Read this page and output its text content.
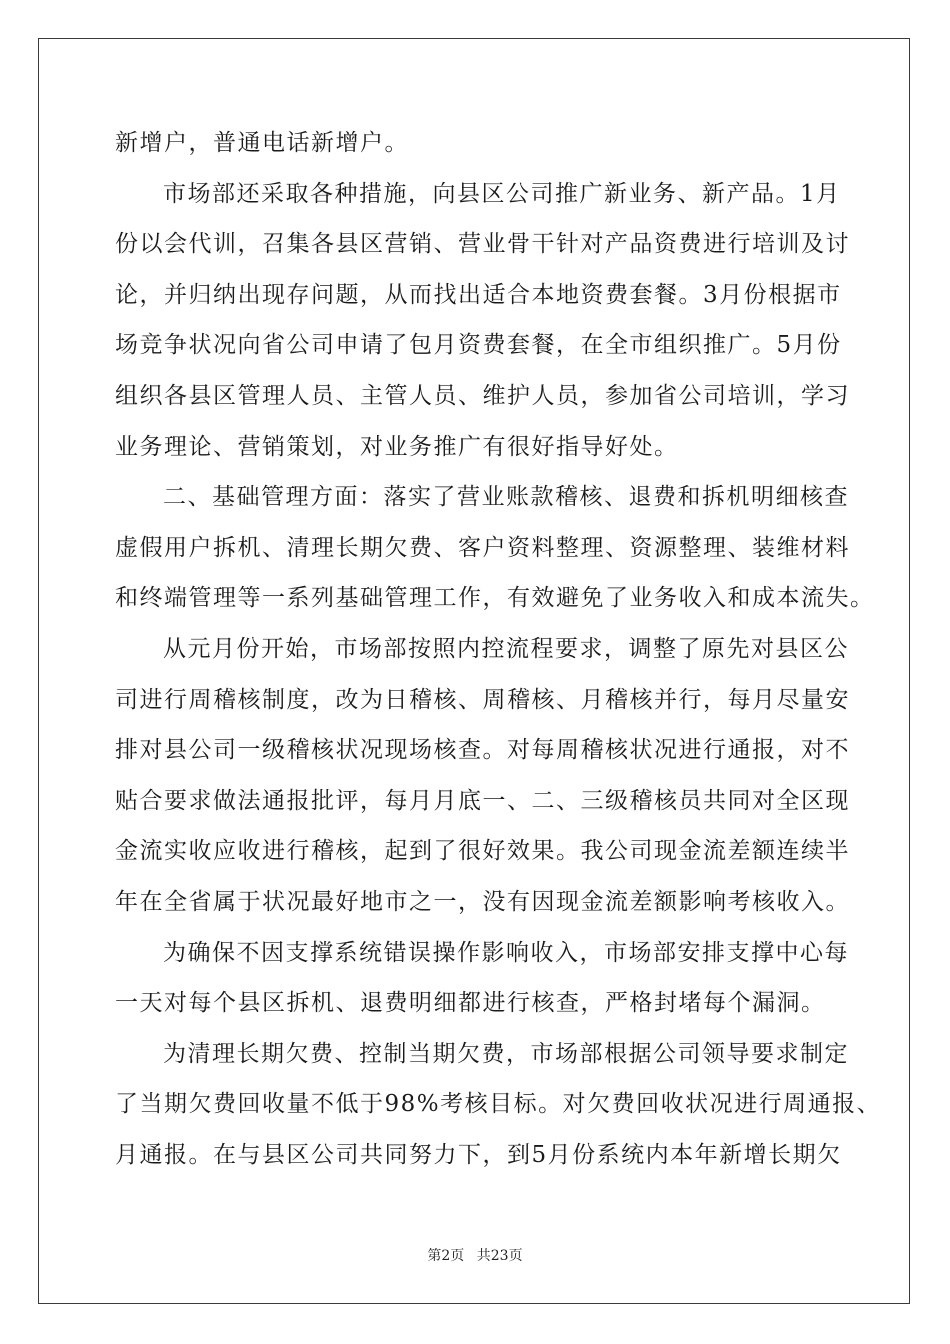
新增户，普通电话新增户。
市场部还采取各种措施，向县区公司推广新业务、新产品。1月
份以会代训，召集各县区营销、营业骨干针对产品资费进行培训及讨
论，并归纳出现存问题，从而找出适合本地资费套餐。3月份根据市
场竞争状况向省公司申请了包月资费套餐，在全市组织推广。5月份
组织各县区管理人员、主管人员、维护人员，参加省公司培训，学习
业务理论、营销策划，对业务推广有很好指导好处。
二、基础管理方面：落实了营业账款稽核、退费和拆机明细核查
虚假用户拆机、清理长期欠费、客户资料整理、资源整理、装维材料
和终端管理等一系列基础管理工作，有效避免了业务收入和成本流失。
从元月份开始，市场部按照内控流程要求，调整了原先对县区公
司进行周稽核制度，改为日稽核、周稽核、月稽核并行，每月尽量安
排对县公司一级稽核状况现场核查。对每周稽核状况进行通报，对不
贴合要求做法通报批评，每月月底一、二、三级稽核员共同对全区现
金流实收应收进行稽核，起到了很好效果。我公司现金流差额连续半
年在全省属于状况最好地市之一，没有因现金流差额影响考核收入。
为确保不因支撑系统错误操作影响收入，市场部安排支撑中心每
一天对每个县区拆机、退费明细都进行核查，严格封堵每个漏洞。
为清理长期欠费、控制当期欠费，市场部根据公司领导要求制定
了当期欠费回收量不低于98%考核目标。对欠费回收状况进行周通报、
月通报。在与县区公司共同努力下，到5月份系统内本年新增长期欠
第2页 共23页
